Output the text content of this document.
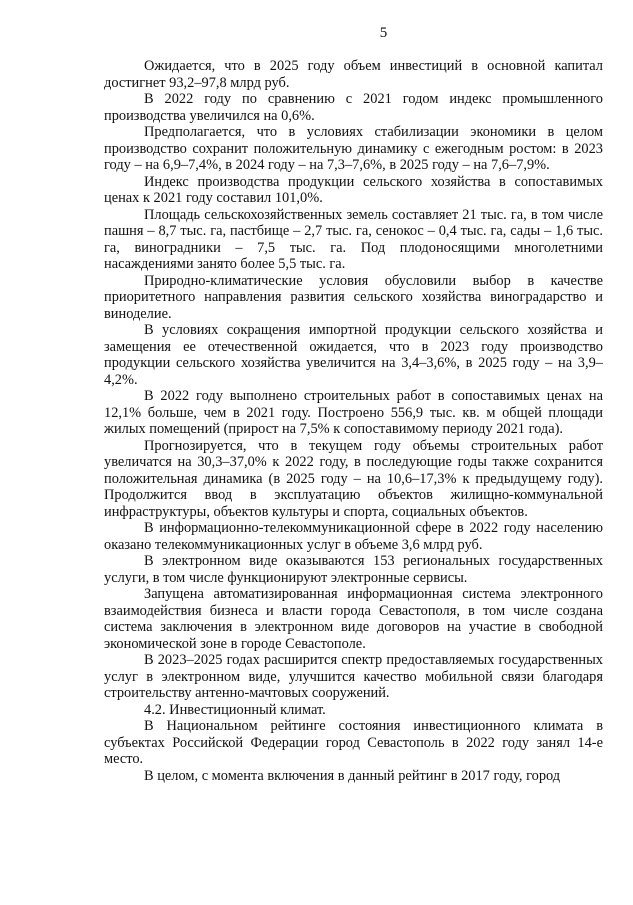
5

Ожидается, что в 2025 году объем инвестиций в основной капитал достигнет 93,2–97,8 млрд руб.

В 2022 году по сравнению с 2021 годом индекс промышленного производства увеличился на 0,6%.

Предполагается, что в условиях стабилизации экономики в целом производство сохранит положительную динамику с ежегодным ростом: в 2023 году – на 6,9–7,4%, в 2024 году – на 7,3–7,6%, в 2025 году – на 7,6–7,9%.

Индекс производства продукции сельского хозяйства в сопоставимых ценах к 2021 году составил 101,0%.

Площадь сельскохозяйственных земель составляет 21 тыс. га, в том числе пашня – 8,7 тыс. га, пастбище – 2,7 тыс. га, сенокос – 0,4 тыс. га, сады – 1,6 тыс. га, виноградники – 7,5 тыс. га. Под плодоносящими многолетними насаждениями занято более 5,5 тыс. га.

Природно-климатические условия обусловили выбор в качестве приоритетного направления развития сельского хозяйства виноградарство и виноделие.

В условиях сокращения импортной продукции сельского хозяйства и замещения ее отечественной ожидается, что в 2023 году производство продукции сельского хозяйства увеличится на 3,4–3,6%, в 2025 году – на 3,9–4,2%.

В 2022 году выполнено строительных работ в сопоставимых ценах на 12,1% больше, чем в 2021 году. Построено 556,9 тыс. кв. м общей площади жилых помещений (прирост на 7,5% к сопоставимому периоду 2021 года).

Прогнозируется, что в текущем году объемы строительных работ увеличатся на 30,3–37,0% к 2022 году, в последующие годы также сохранится положительная динамика (в 2025 году – на 10,6–17,3% к предыдущему году). Продолжится ввод в эксплуатацию объектов жилищно-коммунальной инфраструктуры, объектов культуры и спорта, социальных объектов.

В информационно-телекоммуникационной сфере в 2022 году населению оказано телекоммуникационных услуг в объеме 3,6 млрд руб.

В электронном виде оказываются 153 региональных государственных услуги, в том числе функционируют электронные сервисы.

Запущена автоматизированная информационная система электронного взаимодействия бизнеса и власти города Севастополя, в том числе создана система заключения в электронном виде договоров на участие в свободной экономической зоне в городе Севастополе.

В 2023–2025 годах расширится спектр предоставляемых государственных услуг в электронном виде, улучшится качество мобильной связи благодаря строительству антенно-мачтовых сооружений.

4.2. Инвестиционный климат.

В Национальном рейтинге состояния инвестиционного климата в субъектах Российской Федерации город Севастополь в 2022 году занял 14-е место.

В целом, с момента включения в данный рейтинг в 2017 году, город
